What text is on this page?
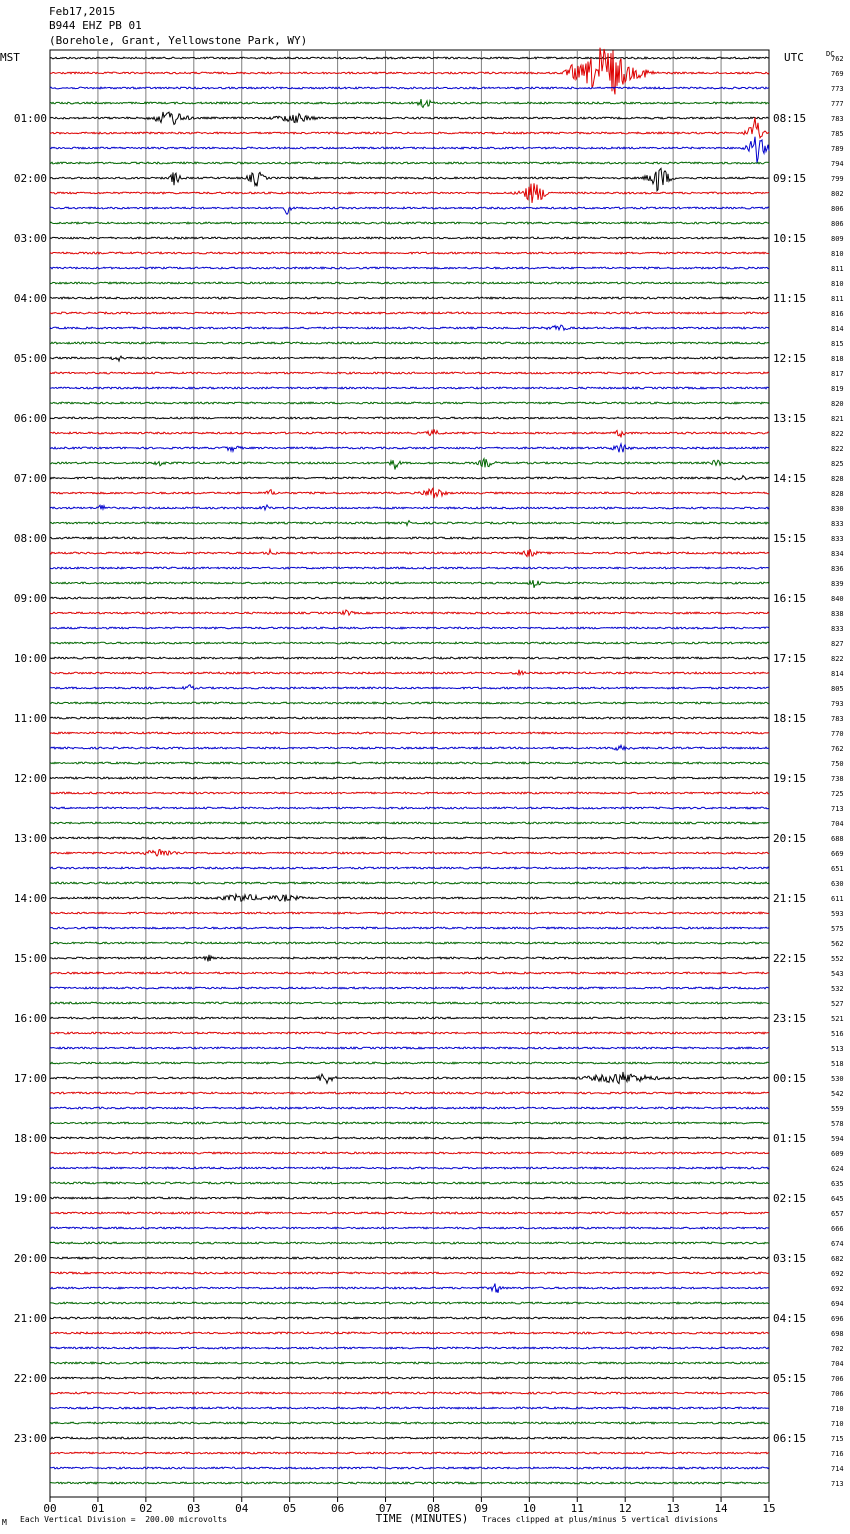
Feb17,2015
B944 EHZ PB 01
(Borehole, Grant, Yellowstone Park, WY)
762
769
773
777
783
785
789
794
799
802
806
806
809
810
811
810
811
816
814
815
818
817
819
820
821
822
822
825
828
828
830
833
833
834
836
839
840
838
833
827
822
814
805
793
783
770
762
750
738
725
713
704
688
669
651
630
611
593
575
562
552
543
532
527
521
516
513
518
530
542
559
578
594
609
624
635
645
657
666
674
682
692
692
694
696
698
702
704
706
706
710
710
715
716
714
713
MST	UTC	DC
01:00
02:00
03:00
04:00
05:00
06:00
07:00
08:00
09:00
10:00
11:00
12:00
13:00
14:00
15:00
16:00
17:00
18:00
19:00
20:00
21:00
22:00
23:00
08:15
09:15
10:15
11:15
12:15
13:15
14:15
15:15
16:15
17:15
18:15
19:15
20:15
21:15
22:15
23:15
00:15
01:15
02:15
03:15
04:15
05:15
06:15
00	01	02	03	04	05	06	07	08	09	10	11	12	13	14	15
TIME (MINUTES)
M Each Vertical Division =  200.00 microvolts	Traces clipped at plus/minus 5 vertical divisions
